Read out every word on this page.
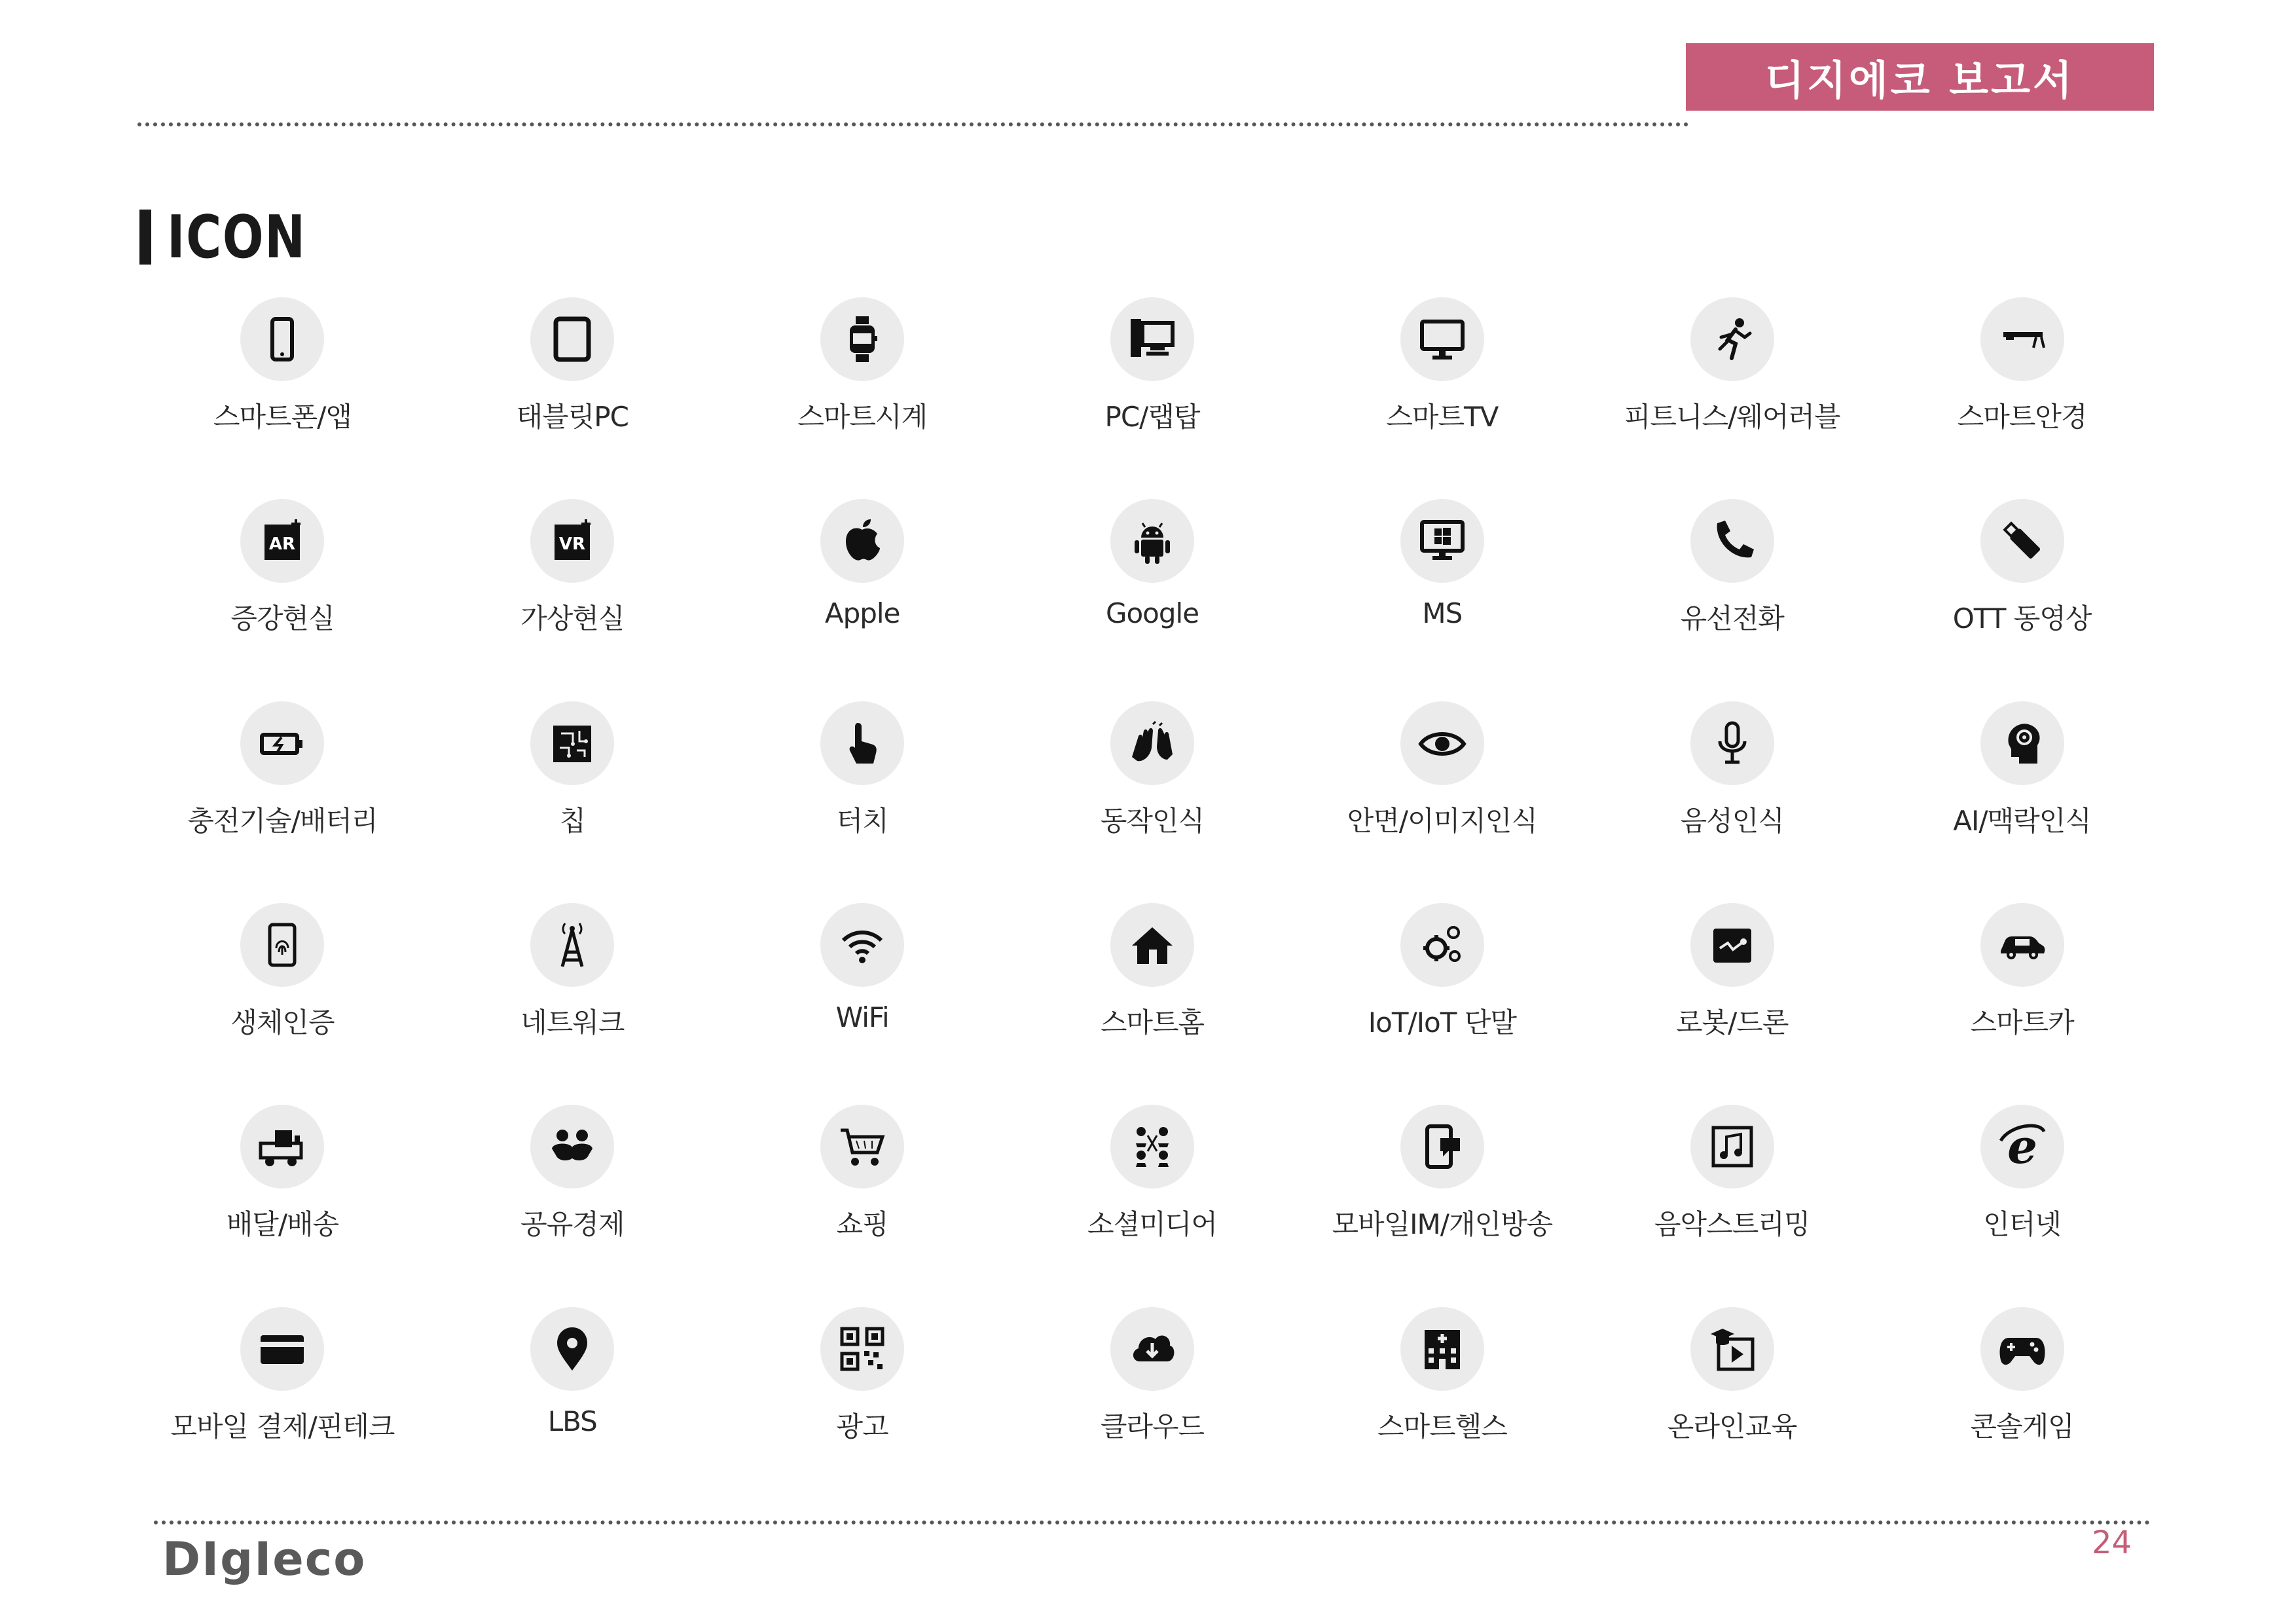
디지에코 보고서
ICON
스마트폰/앱	태블릿PC	스마트시계	PC/랩탑	스마트TV	피트니스/웨어러블	스마트안경
AR
증강현실
VR
가상현실	Apple	Google	MS	유선전화	OTT 동영상
충전기술/배터리	칩	터치	동작인식	안면/이미지인식	음성인식	AI/맥락인식
생체인증	네트워크	WiFi	스마트홈	IoT/IoT 단말	로봇/드론	스마트카
배달/배송	공유경제	쇼핑	소셜미디어	모바일IM/개인방송	음악스트리밍
e
인터넷
모바일 결제/핀테크	LBS	광고	클라우드	스마트헬스	온라인교육	콘솔게임
DIgIeco	24
